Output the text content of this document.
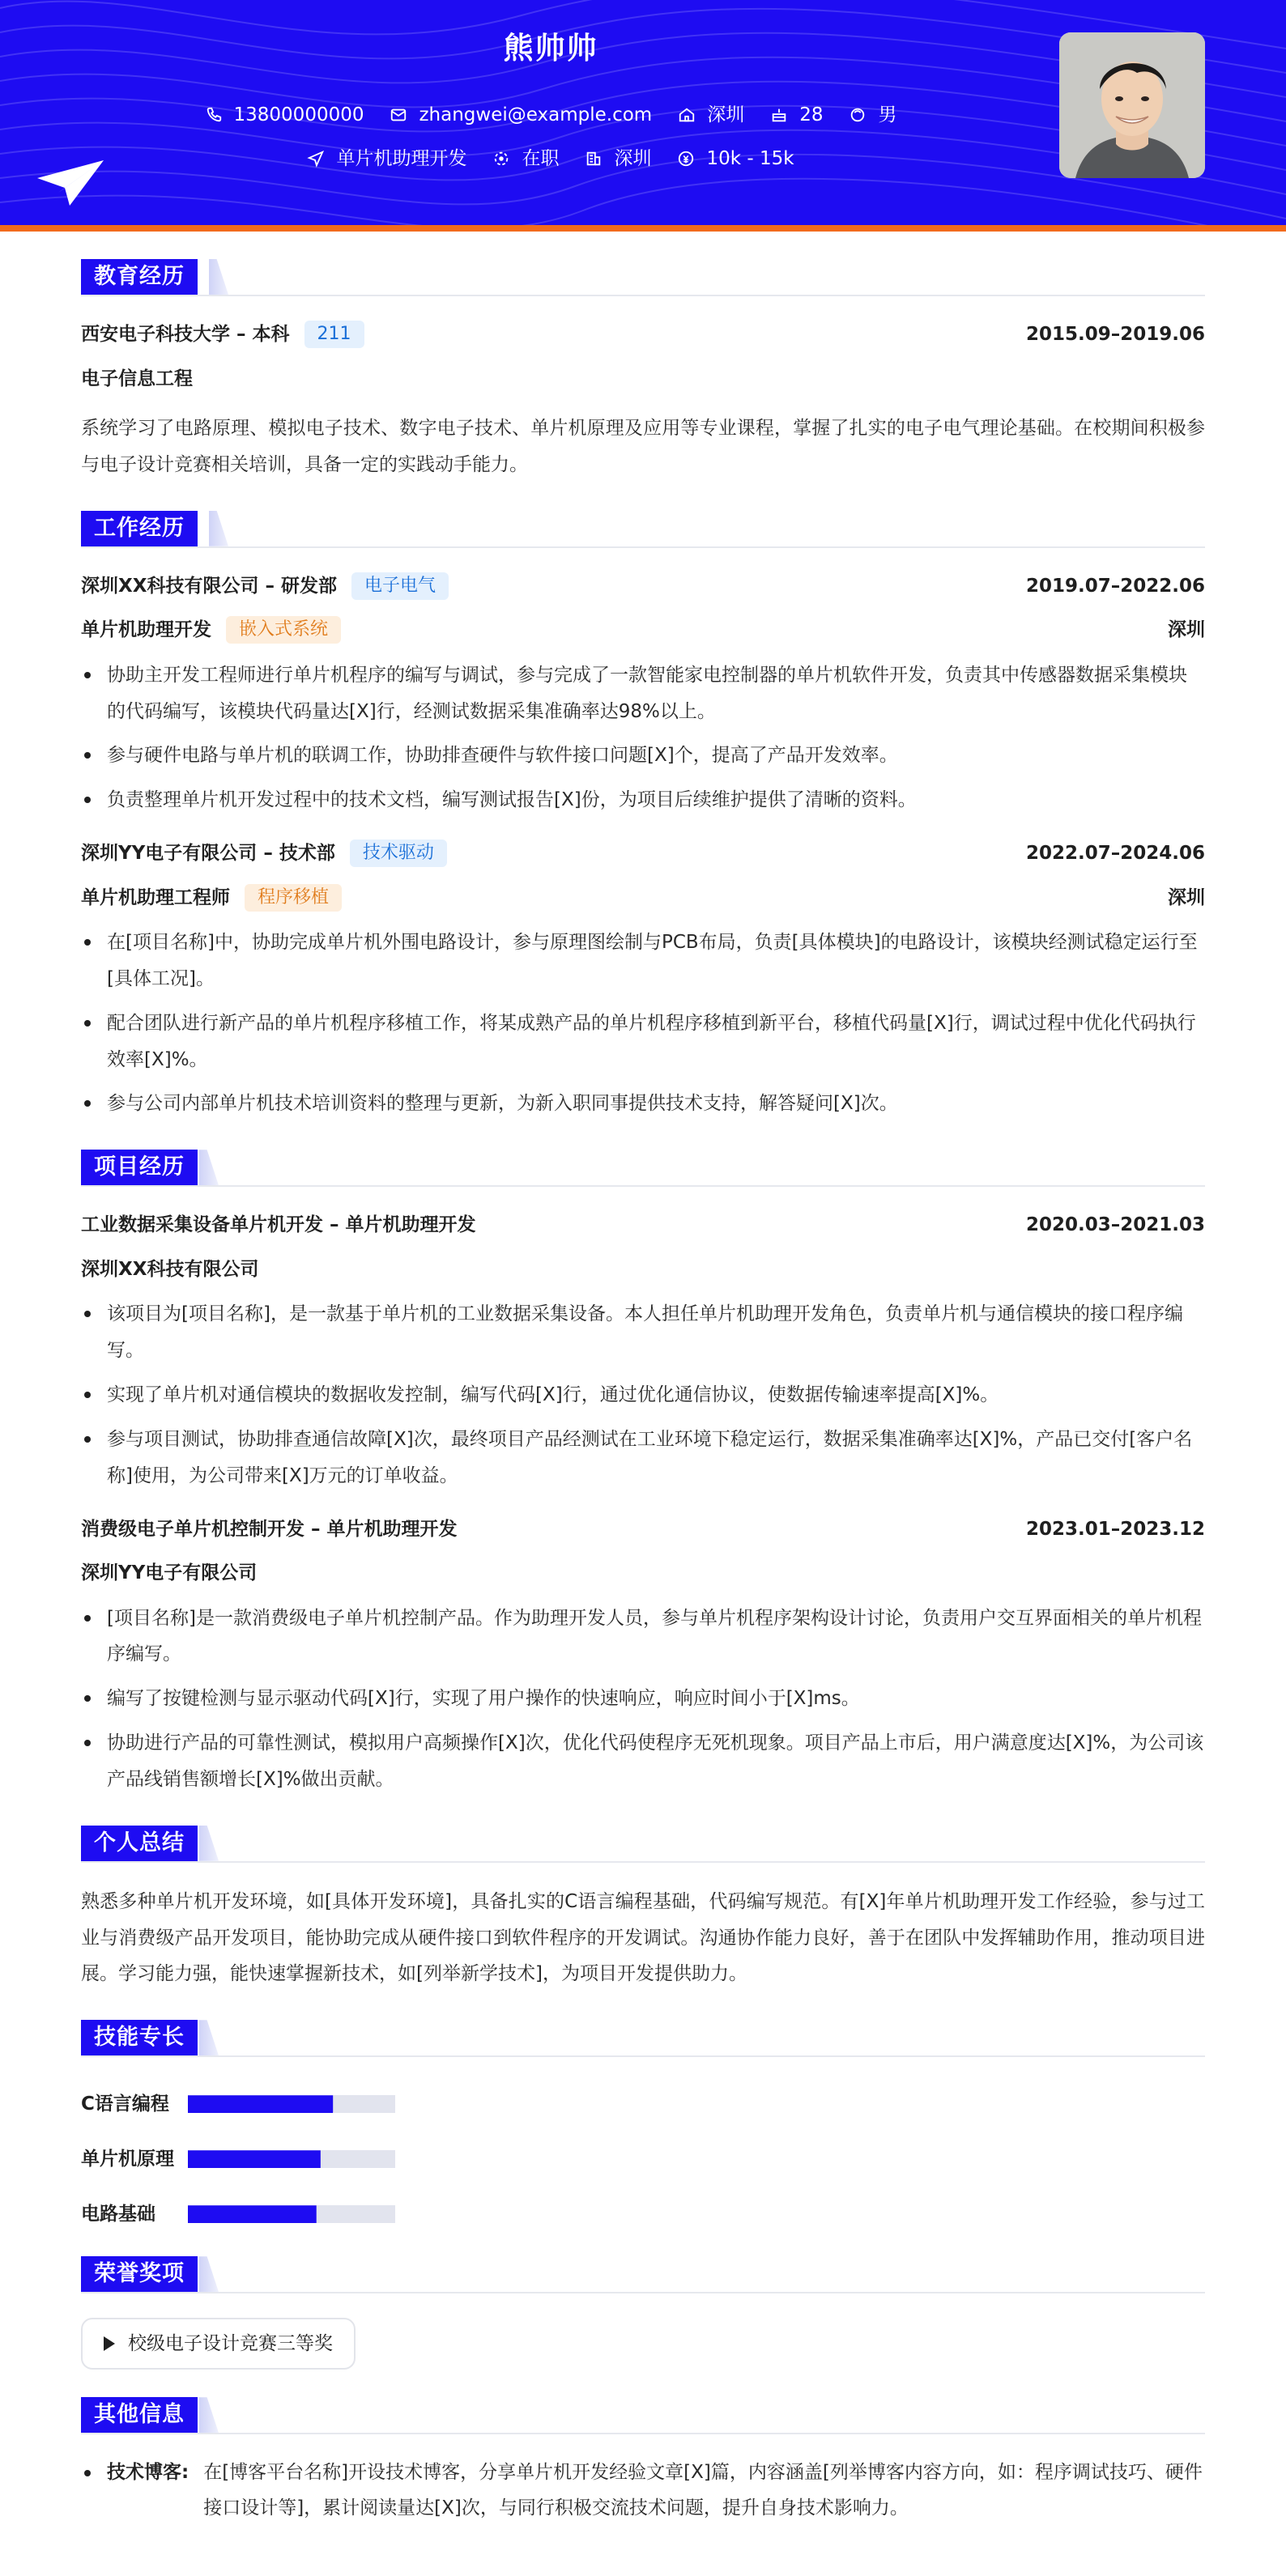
熊帅帅
13800000000	zhangwei@example.com	深圳	28	男
单片机助理开发	在职	深圳	10k - 15k
教育经历
西安电子科技大学 – 本科	211	2015.09–2019.06
电子信息工程
系统学习了电路原理、模拟电子技术、数字电子技术、单片机原理及应用等专业课程，掌握了扎实的电子电气理论基础。在校期间积极参与电子设计竞赛相关培训，具备一定的实践动手能力。
工作经历
深圳XX科技有限公司 – 研发部	电子电气	2019.07–2022.06
单片机助理开发	嵌入式系统	深圳
协助主开发工程师进行单片机程序的编写与调试，参与完成了一款智能家电控制器的单片机软件开发，负责其中传感器数据采集模块的代码编写，该模块代码量达[X]行，经测试数据采集准确率达98%以上。
参与硬件电路与单片机的联调工作，协助排查硬件与软件接口问题[X]个，提高了产品开发效率。
负责整理单片机开发过程中的技术文档，编写测试报告[X]份，为项目后续维护提供了清晰的资料。
深圳YY电子有限公司 – 技术部	技术驱动	2022.07–2024.06
单片机助理工程师	程序移植	深圳
在[项目名称]中，协助完成单片机外围电路设计，参与原理图绘制与PCB布局，负责[具体模块]的电路设计，该模块经测试稳定运行至[具体工况]。
配合团队进行新产品的单片机程序移植工作，将某成熟产品的单片机程序移植到新平台，移植代码量[X]行，调试过程中优化代码执行效率[X]%。
参与公司内部单片机技术培训资料的整理与更新，为新入职同事提供技术支持，解答疑问[X]次。
项目经历
工业数据采集设备单片机开发 – 单片机助理开发	2020.03–2021.03
深圳XX科技有限公司
该项目为[项目名称]，是一款基于单片机的工业数据采集设备。本人担任单片机助理开发角色，负责单片机与通信模块的接口程序编写。
实现了单片机对通信模块的数据收发控制，编写代码[X]行，通过优化通信协议，使数据传输速率提高[X]%。
参与项目测试，协助排查通信故障[X]次，最终项目产品经测试在工业环境下稳定运行，数据采集准确率达[X]%，产品已交付[客户名称]使用，为公司带来[X]万元的订单收益。
消费级电子单片机控制开发 – 单片机助理开发	2023.01–2023.12
深圳YY电子有限公司
[项目名称]是一款消费级电子单片机控制产品。作为助理开发人员，参与单片机程序架构设计讨论，负责用户交互界面相关的单片机程序编写。
编写了按键检测与显示驱动代码[X]行，实现了用户操作的快速响应，响应时间小于[X]ms。
协助进行产品的可靠性测试，模拟用户高频操作[X]次，优化代码使程序无死机现象。项目产品上市后，用户满意度达[X]%，为公司该产品线销售额增长[X]%做出贡献。
个人总结
熟悉多种单片机开发环境，如[具体开发环境]，具备扎实的C语言编程基础，代码编写规范。有[X]年单片机助理开发工作经验，参与过工业与消费级产品开发项目，能协助完成从硬件接口到软件程序的开发调试。沟通协作能力良好，善于在团队中发挥辅助作用，推动项目进展。学习能力强，能快速掌握新技术，如[列举新学技术]，为项目开发提供助力。
技能专长
C语言编程
单片机原理
电路基础
荣誉奖项
校级电子设计竞赛三等奖
其他信息
技术博客: 在[博客平台名称]开设技术博客，分享单片机开发经验文章[X]篇，内容涵盖[列举博客内容方向，如：程序调试技巧、硬件接口设计等]，累计阅读量达[X]次，与同行积极交流技术问题，提升自身技术影响力。
